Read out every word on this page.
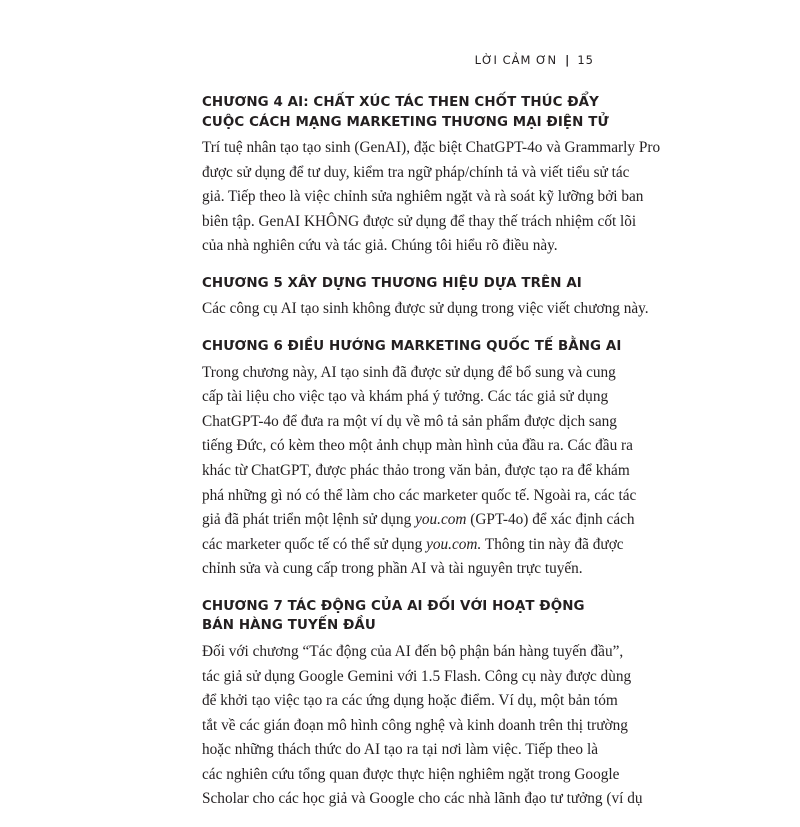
LỜI CẢM ƠN | 15
CHƯƠNG 4 AI: CHẤT XÚC TÁC THEN CHỐT THÚC ĐẨY
CUỘC CÁCH MẠNG MARKETING THƯƠNG MẠI ĐIỆN TỬ
Trí tuệ nhân tạo tạo sinh (GenAI), đặc biệt ChatGPT-4o và Grammarly Pro
được sử dụng để tư duy, kiểm tra ngữ pháp/chính tả và viết tiểu sử tác
giả. Tiếp theo là việc chỉnh sửa nghiêm ngặt và rà soát kỹ lưỡng bởi ban
biên tập. GenAI KHÔNG được sử dụng để thay thế trách nhiệm cốt lõi
của nhà nghiên cứu và tác giả. Chúng tôi hiểu rõ điều này.
CHƯƠNG 5 XÂY DỰNG THƯƠNG HIỆU DỰA TRÊN AI
Các công cụ AI tạo sinh không được sử dụng trong việc viết chương này.
CHƯƠNG 6 ĐIỀU HƯỚNG MARKETING QUỐC TẾ BẰNG AI
Trong chương này, AI tạo sinh đã được sử dụng để bổ sung và cung
cấp tài liệu cho việc tạo và khám phá ý tưởng. Các tác giả sử dụng
ChatGPT-4o để đưa ra một ví dụ về mô tả sản phẩm được dịch sang
tiếng Đức, có kèm theo một ảnh chụp màn hình của đầu ra. Các đầu ra
khác từ ChatGPT, được phác thảo trong văn bản, được tạo ra để khám
phá những gì nó có thể làm cho các marketer quốc tế. Ngoài ra, các tác
giả đã phát triển một lệnh sử dụng you.com (GPT-4o) để xác định cách
các marketer quốc tế có thể sử dụng you.com. Thông tin này đã được
chỉnh sửa và cung cấp trong phần AI và tài nguyên trực tuyến.
CHƯƠNG 7 TÁC ĐỘNG CỦA AI ĐỐI VỚI HOẠT ĐỘNG
BÁN HÀNG TUYẾN ĐẦU
Đối với chương “Tác động của AI đến bộ phận bán hàng tuyến đầu”,
tác giả sử dụng Google Gemini với 1.5 Flash. Công cụ này được dùng
để khởi tạo việc tạo ra các ứng dụng hoặc điểm. Ví dụ, một bản tóm
tắt về các gián đoạn mô hình công nghệ và kinh doanh trên thị trường
hoặc những thách thức do AI tạo ra tại nơi làm việc. Tiếp theo là
các nghiên cứu tổng quan được thực hiện nghiêm ngặt trong Google
Scholar cho các học giả và Google cho các nhà lãnh đạo tư tưởng (ví dụ
